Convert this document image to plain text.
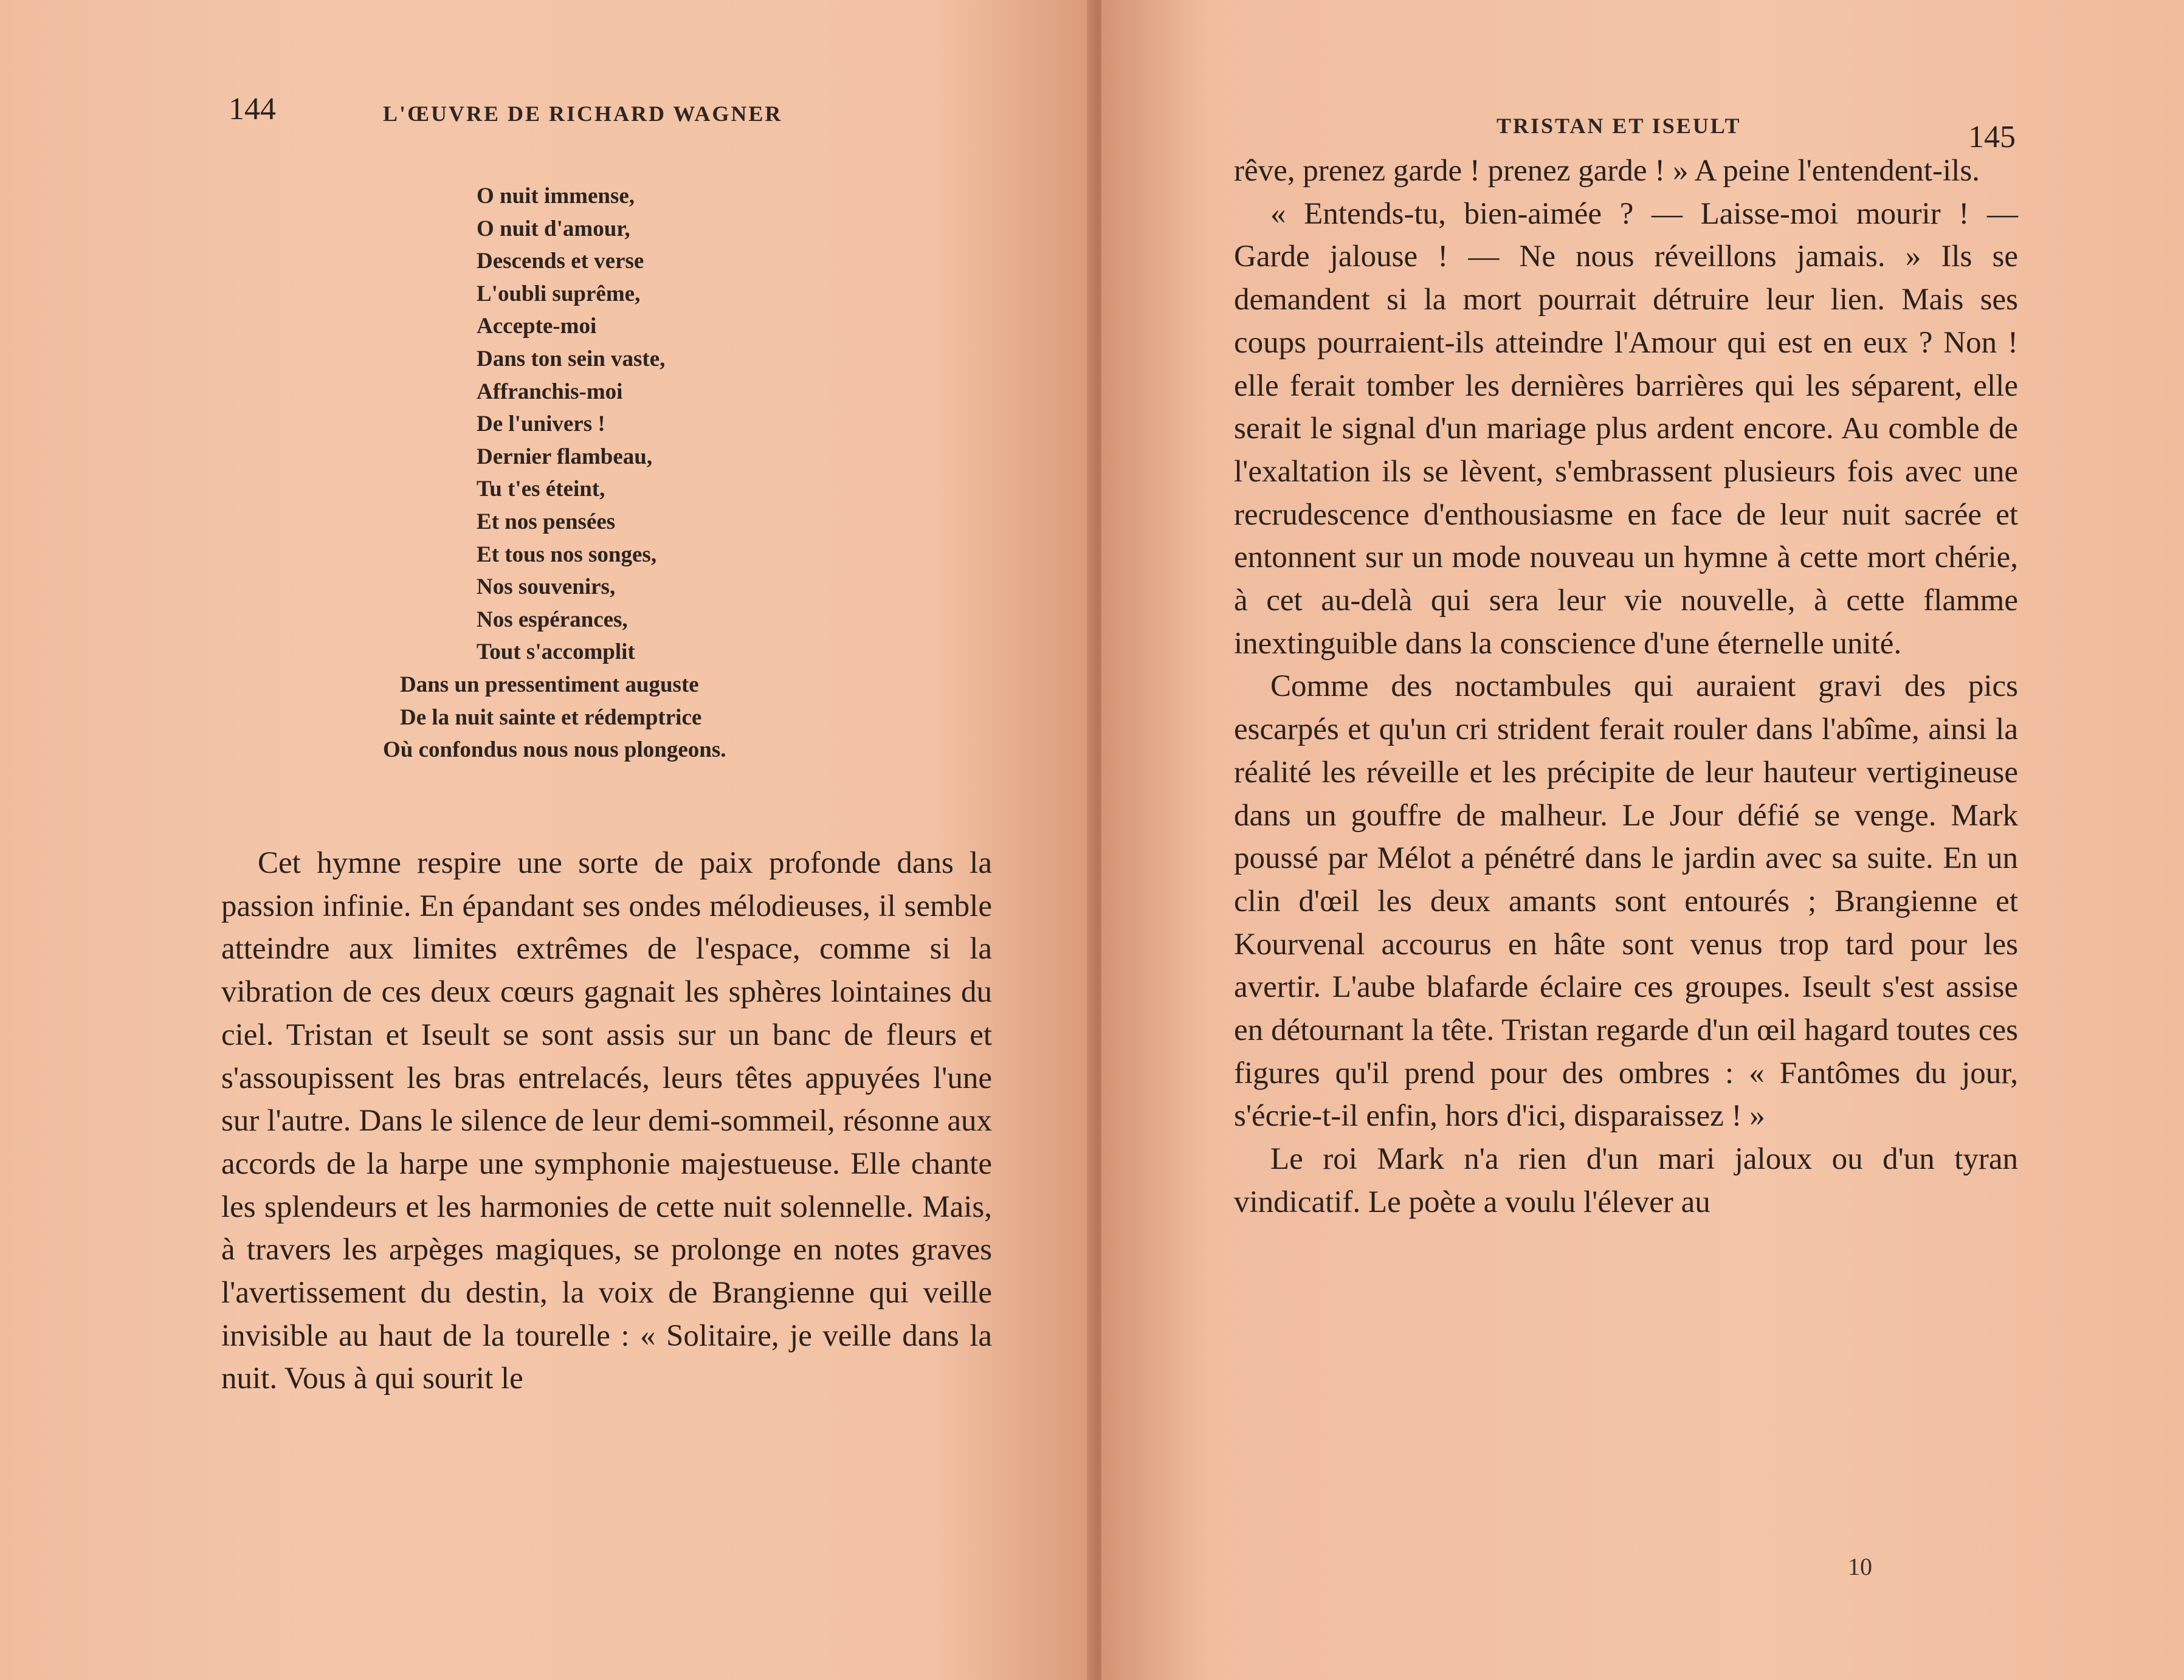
144	L'ŒUVRE DE RICHARD WAGNER
O nuit immense,
O nuit d'amour,
Descends et verse
L'oubli suprême,
Accepte-moi
Dans ton sein vaste,
Affranchis-moi
De l'univers !
Dernier flambeau,
Tu t'es éteint,
Et nos pensées
Et tous nos songes,
Nos souvenirs,
Nos espérances,
Tout s'accomplit
Dans un pressentiment auguste
De la nuit sainte et rédemptrice
Où confondus nous nous plongeons.

Cet hymne respire une sorte de paix profonde dans la passion infinie. En épandant ses ondes mélodieuses, il semble atteindre aux limites extrêmes de l'espace, comme si la vibration de ces deux cœurs gagnait les sphères lointaines du ciel. Tristan et Iseult se sont assis sur un banc de fleurs et s'assoupissent les bras entrelacés, leurs têtes appuyées l'une sur l'autre. Dans le silence de leur demi-sommeil, résonne aux accords de la harpe une symphonie majestueuse. Elle chante les splendeurs et les harmonies de cette nuit solennelle. Mais, à travers les arpèges magiques, se prolonge en notes graves l'avertissement du destin, la voix de Brangienne qui veille invisible au haut de la tourelle : « Solitaire, je veille dans la nuit. Vous à qui sourit le

TRISTAN ET ISEULT	145

rêve, prenez garde ! prenez garde ! » A peine l'entendent-ils.

« Entends-tu, bien-aimée ? — Laisse-moi mourir ! — Garde jalouse ! — Ne nous réveillons jamais. » Ils se demandent si la mort pourrait détruire leur lien. Mais ses coups pourraient-ils atteindre l'Amour qui est en eux ? Non ! elle ferait tomber les dernières barrières qui les séparent, elle serait le signal d'un mariage plus ardent encore. Au comble de l'exaltation ils se lèvent, s'embrassent plusieurs fois avec une recrudescence d'enthousiasme en face de leur nuit sacrée et entonnent sur un mode nouveau un hymne à cette mort chérie, à cet au-delà qui sera leur vie nouvelle, à cette flamme inextinguible dans la conscience d'une éternelle unité.

Comme des noctambules qui auraient gravi des pics escarpés et qu'un cri strident ferait rouler dans l'abîme, ainsi la réalité les réveille et les précipite de leur hauteur vertigineuse dans un gouffre de malheur. Le Jour défié se venge. Mark poussé par Mélot a pénétré dans le jardin avec sa suite. En un clin d'œil les deux amants sont entourés ; Brangienne et Kourvenal accourus en hâte sont venus trop tard pour les avertir. L'aube blafarde éclaire ces groupes. Iseult s'est assise en détournant la tête. Tristan regarde d'un œil hagard toutes ces figures qu'il prend pour des ombres : « Fantômes du jour, s'écrie-t-il enfin, hors d'ici, disparaissez ! »

Le roi Mark n'a rien d'un mari jaloux ou d'un tyran vindicatif. Le poète a voulu l'élever au

10
